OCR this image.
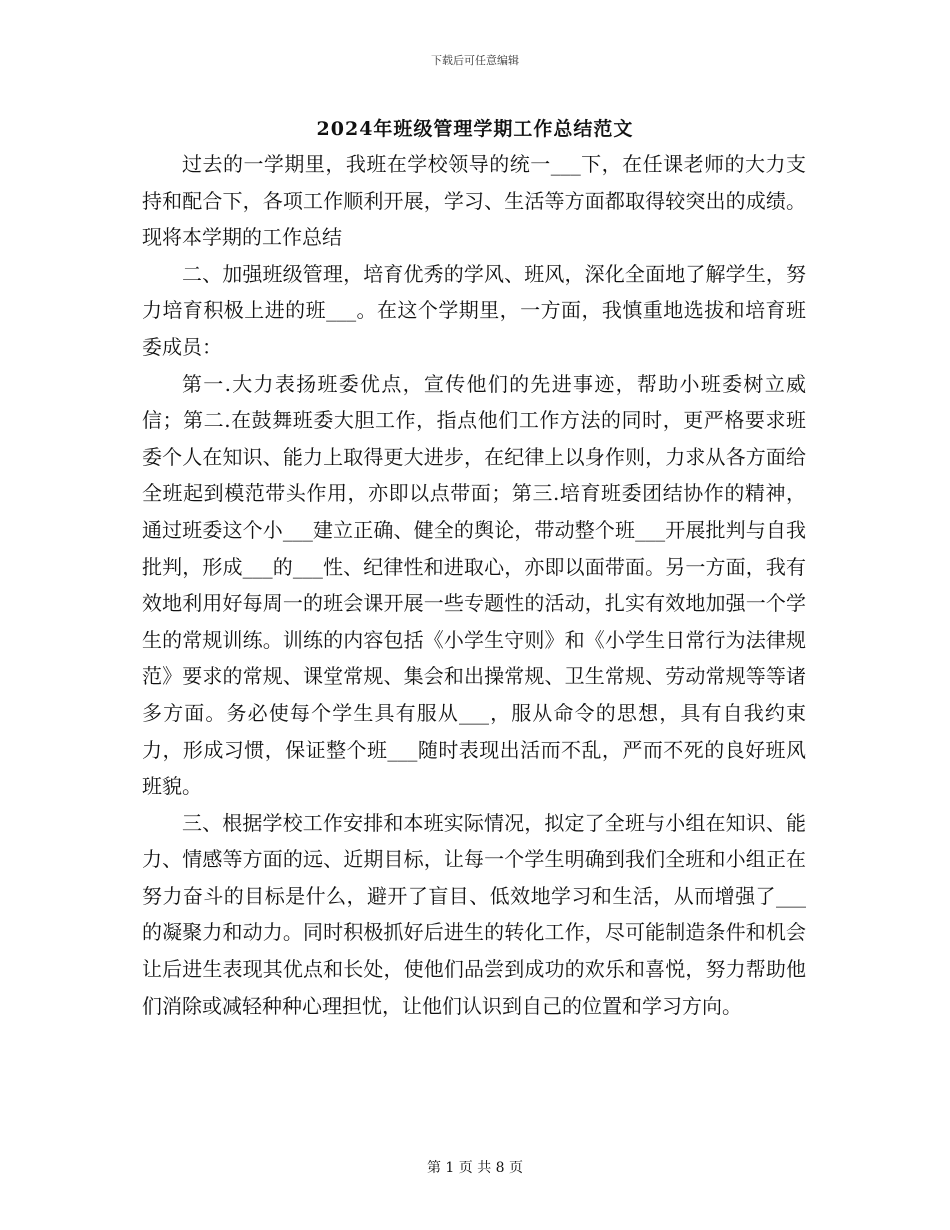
下载后可任意编辑
2024年班级管理学期工作总结范文

过去的一学期里，我班在学校领导的统一___下，在任课老师的大力支持和配合下，各项工作顺利开展，学习、生活等方面都取得较突出的成绩。现将本学期的工作总结

二、加强班级管理，培育优秀的学风、班风，深化全面地了解学生，努力培育积极上进的班___。在这个学期里，一方面，我慎重地选拔和培育班委成员：

第一.大力表扬班委优点，宣传他们的先进事迹，帮助小班委树立威信；第二.在鼓舞班委大胆工作，指点他们工作方法的同时，更严格要求班委个人在知识、能力上取得更大进步，在纪律上以身作则，力求从各方面给全班起到模范带头作用，亦即以点带面；第三.培育班委团结协作的精神，通过班委这个小___建立正确、健全的舆论，带动整个班___开展批判与自我批判，形成___的___性、纪律性和进取心，亦即以面带面。另一方面，我有效地利用好每周一的班会课开展一些专题性的活动，扎实有效地加强一个学生的常规训练。训练的内容包括《小学生守则》和《小学生日常行为法律规范》要求的常规、课堂常规、集会和出操常规、卫生常规、劳动常规等等诸多方面。务必使每个学生具有服从___，服从命令的思想，具有自我约束力，形成习惯，保证整个班___随时表现出活而不乱，严而不死的良好班风班貌。

三、根据学校工作安排和本班实际情况，拟定了全班与小组在知识、能力、情感等方面的远、近期目标，让每一个学生明确到我们全班和小组正在努力奋斗的目标是什么，避开了盲目、低效地学习和生活，从而增强了___的凝聚力和动力。同时积极抓好后进生的转化工作，尽可能制造条件和机会让后进生表现其优点和长处，使他们品尝到成功的欢乐和喜悦，努力帮助他们消除或减轻种种心理担忧，让他们认识到自己的位置和学习方向。

第 1 页 共 8 页
